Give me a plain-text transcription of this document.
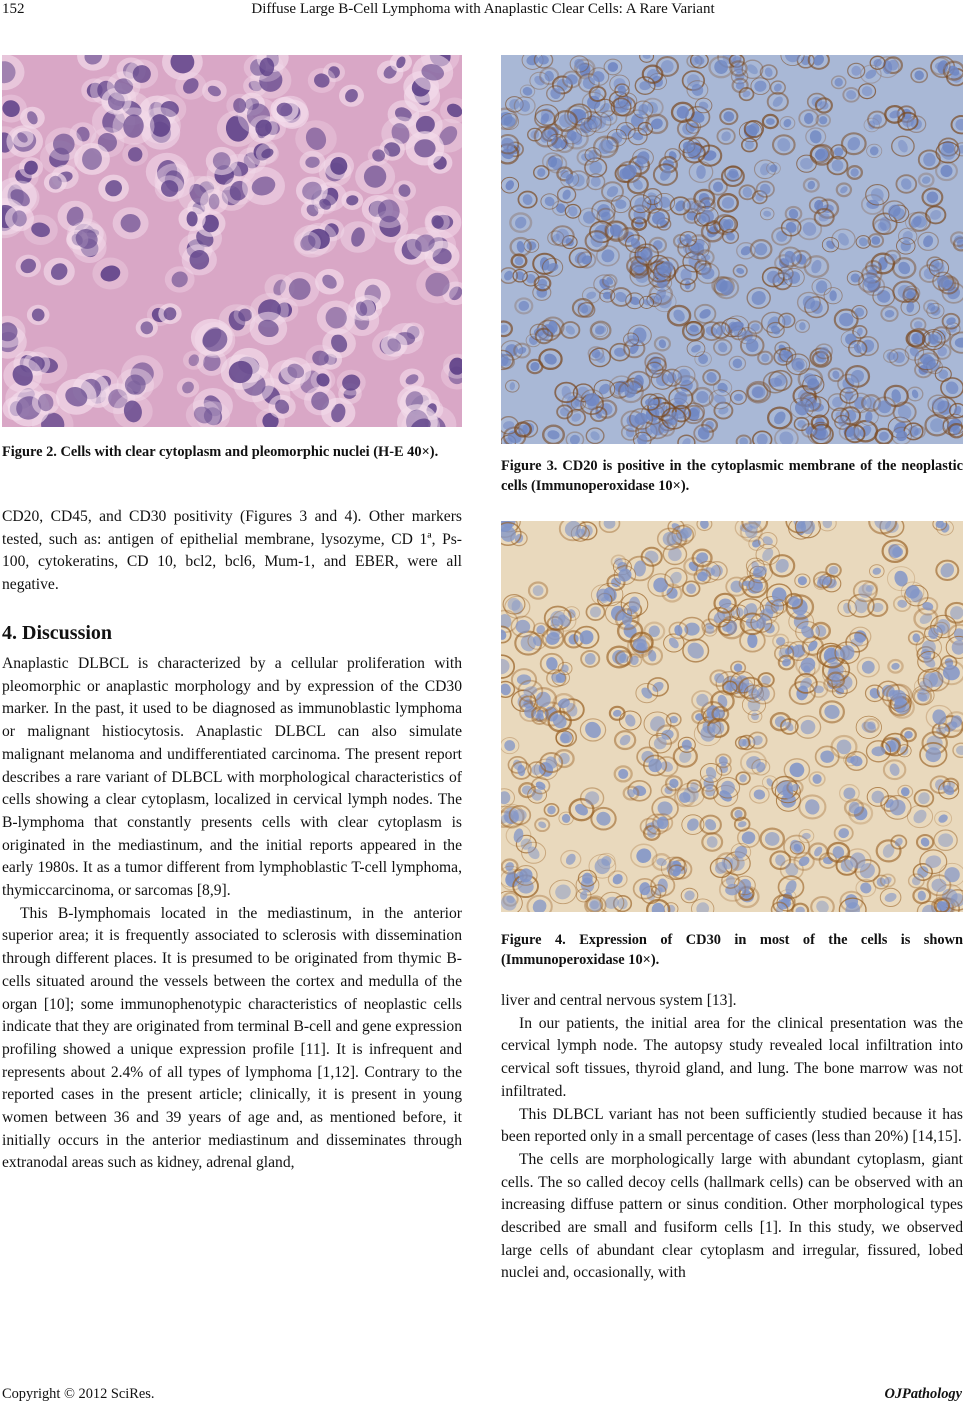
152	Diffuse Large B-Cell Lymphoma with Anaplastic Clear Cells: A Rare Variant
Figure 2. Cells with clear cytoplasm and pleomorphic nuclei (H-E 40×).
Figure 3. CD20 is positive in the cytoplasmic membrane of the neoplastic cells (Immunoperoxidase 10×).
Figure 4. Expression of CD30 in most of the cells is shown (Immunoperoxidase 10×).

CD20, CD45, and CD30 positivity (Figures 3 and 4). Other markers tested, such as: antigen of epithelial membrane, lysozyme, CD 1ª, Ps-100, cytokeratins, CD 10, bcl2, bcl6, Mum-1, and EBER, were all negative.

4. Discussion

Anaplastic DLBCL is characterized by a cellular proliferation with pleomorphic or anaplastic morphology and by expression of the CD30 marker. In the past, it used to be diagnosed as immunoblastic lymphoma or malignant histiocytosis. Anaplastic DLBCL can also simulate malignant melanoma and undifferentiated carcinoma. The present report describes a rare variant of DLBCL with morphological characteristics of cells showing a clear cytoplasm, localized in cervical lymph nodes. The B-lymphoma that constantly presents cells with clear cytoplasm is originated in the mediastinum, and the initial reports appeared in the early 1980s. It as a tumor different from lymphoblastic T-cell lymphoma, thymiccarcinoma, or sarcomas [8,9].

This B-lymphomais located in the mediastinum, in the anterior superior area; it is frequently associated to sclerosis with dissemination through different places. It is presumed to be originated from thymic B-cells situated around the vessels between the cortex and medulla of the organ [10]; some immunophenotypic characteristics of neoplastic cells indicate that they are originated from terminal B-cell and gene expression profiling showed a unique expression profile [11]. It is infrequent and represents about 2.4% of all types of lymphoma [1,12]. Contrary to the reported cases in the present article; clinically, it is present in young women between 36 and 39 years of age and, as mentioned before, it initially occurs in the anterior mediastinum and disseminates through extranodal areas such as kidney, adrenal gland,

liver and central nervous system [13].

In our patients, the initial area for the clinical presentation was the cervical lymph node. The autopsy study revealed local infiltration into cervical soft tissues, thyroid gland, and lung. The bone marrow was not infiltrated.

This DLBCL variant has not been sufficiently studied because it has been reported only in a small percentage of cases (less than 20%) [14,15].

The cells are morphologically large with abundant cytoplasm, giant cells. The so called decoy cells (hallmark cells) can be observed with an increasing diffuse pattern or sinus condition. Other morphological types described are small and fusiform cells [1]. In this study, we observed large cells of abundant clear cytoplasm and irregular, fissured, lobed nuclei and, occasionally, with

Copyright © 2012 SciRes.	OJPathology
